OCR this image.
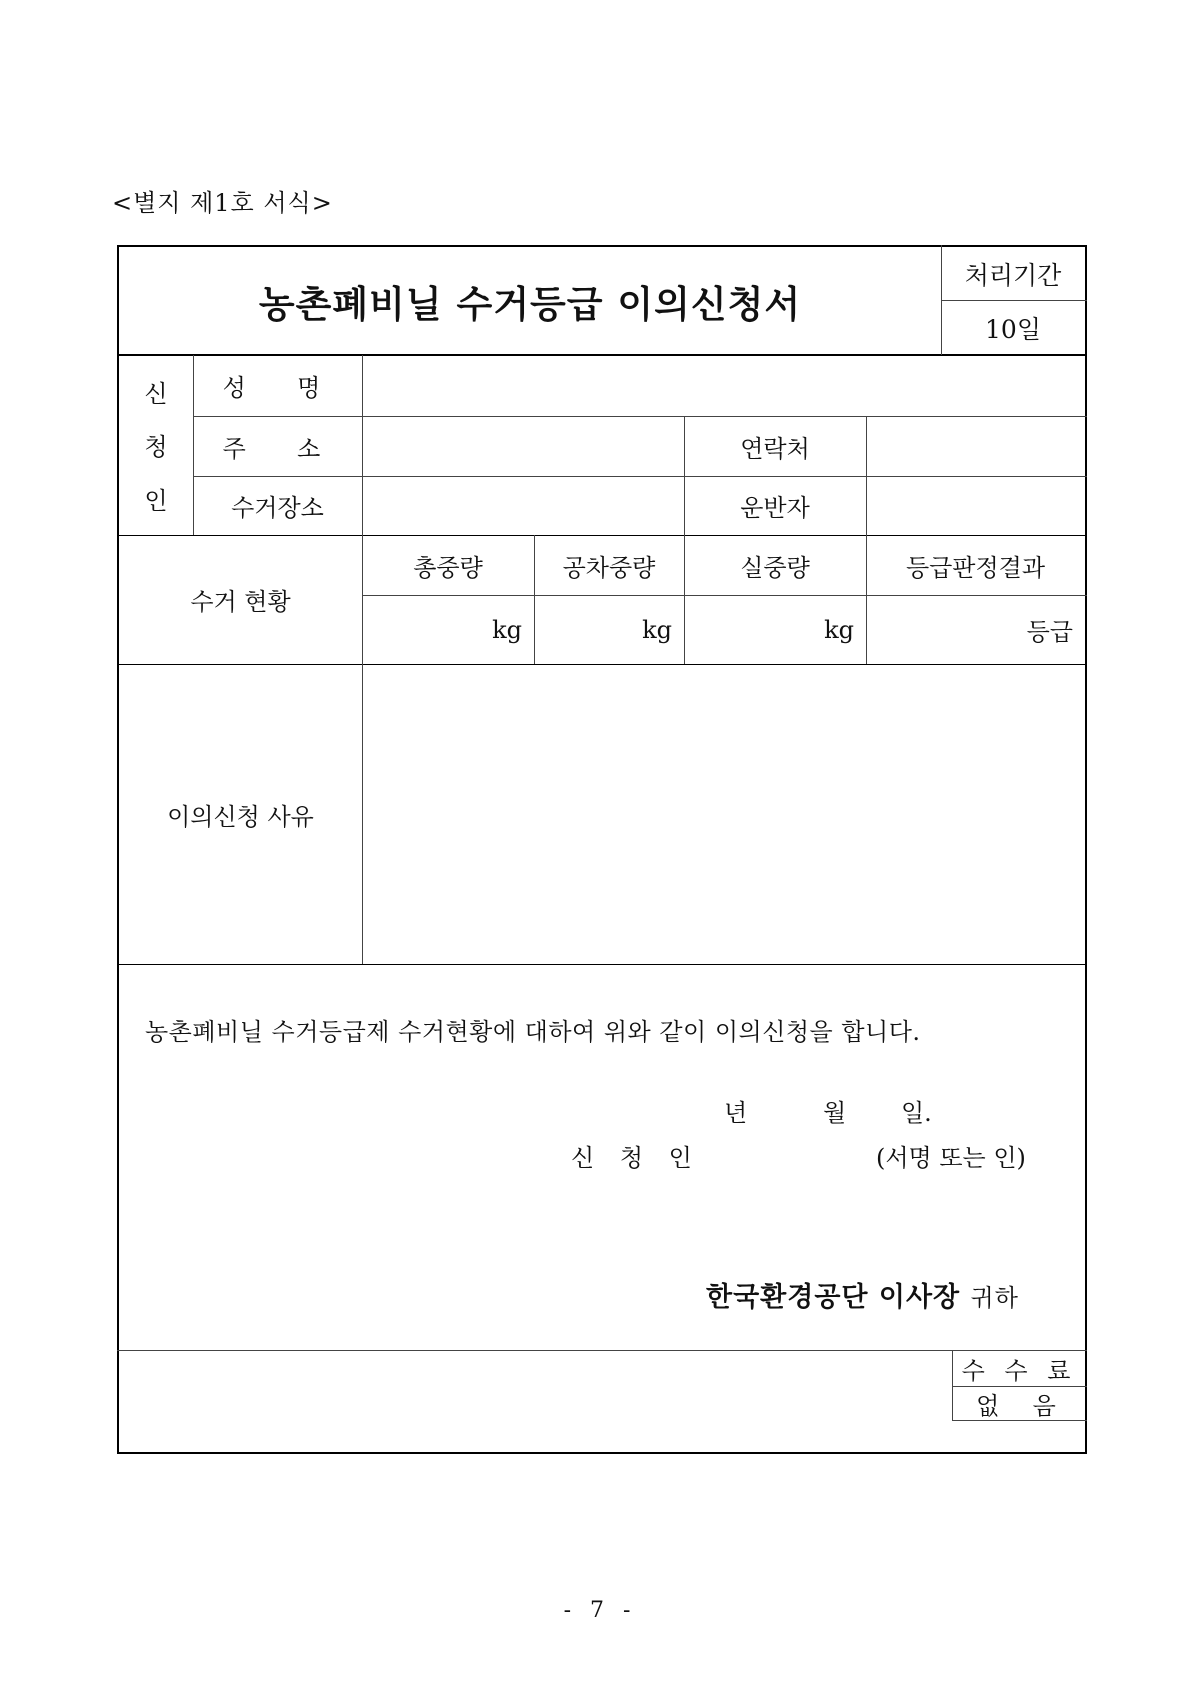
<별지 제1호 서식>
농촌폐비닐 수거등급 이의신청서
처리기간
10일
신
청
인
성  명
주  소	연락처
수거장소	운반자
수거 현황
총중량	공차중량	실중량	등급판정결과
kg	kg	kg	등급
이의신청 사유
농촌폐비닐 수거등급제 수거현황에 대하여 위와 같이 이의신청을 합니다.
년	월 일.
신 청 인	(서명 또는 인)
한국환경공단 이사장 귀하
수 수 료
없  음
- 7 -
